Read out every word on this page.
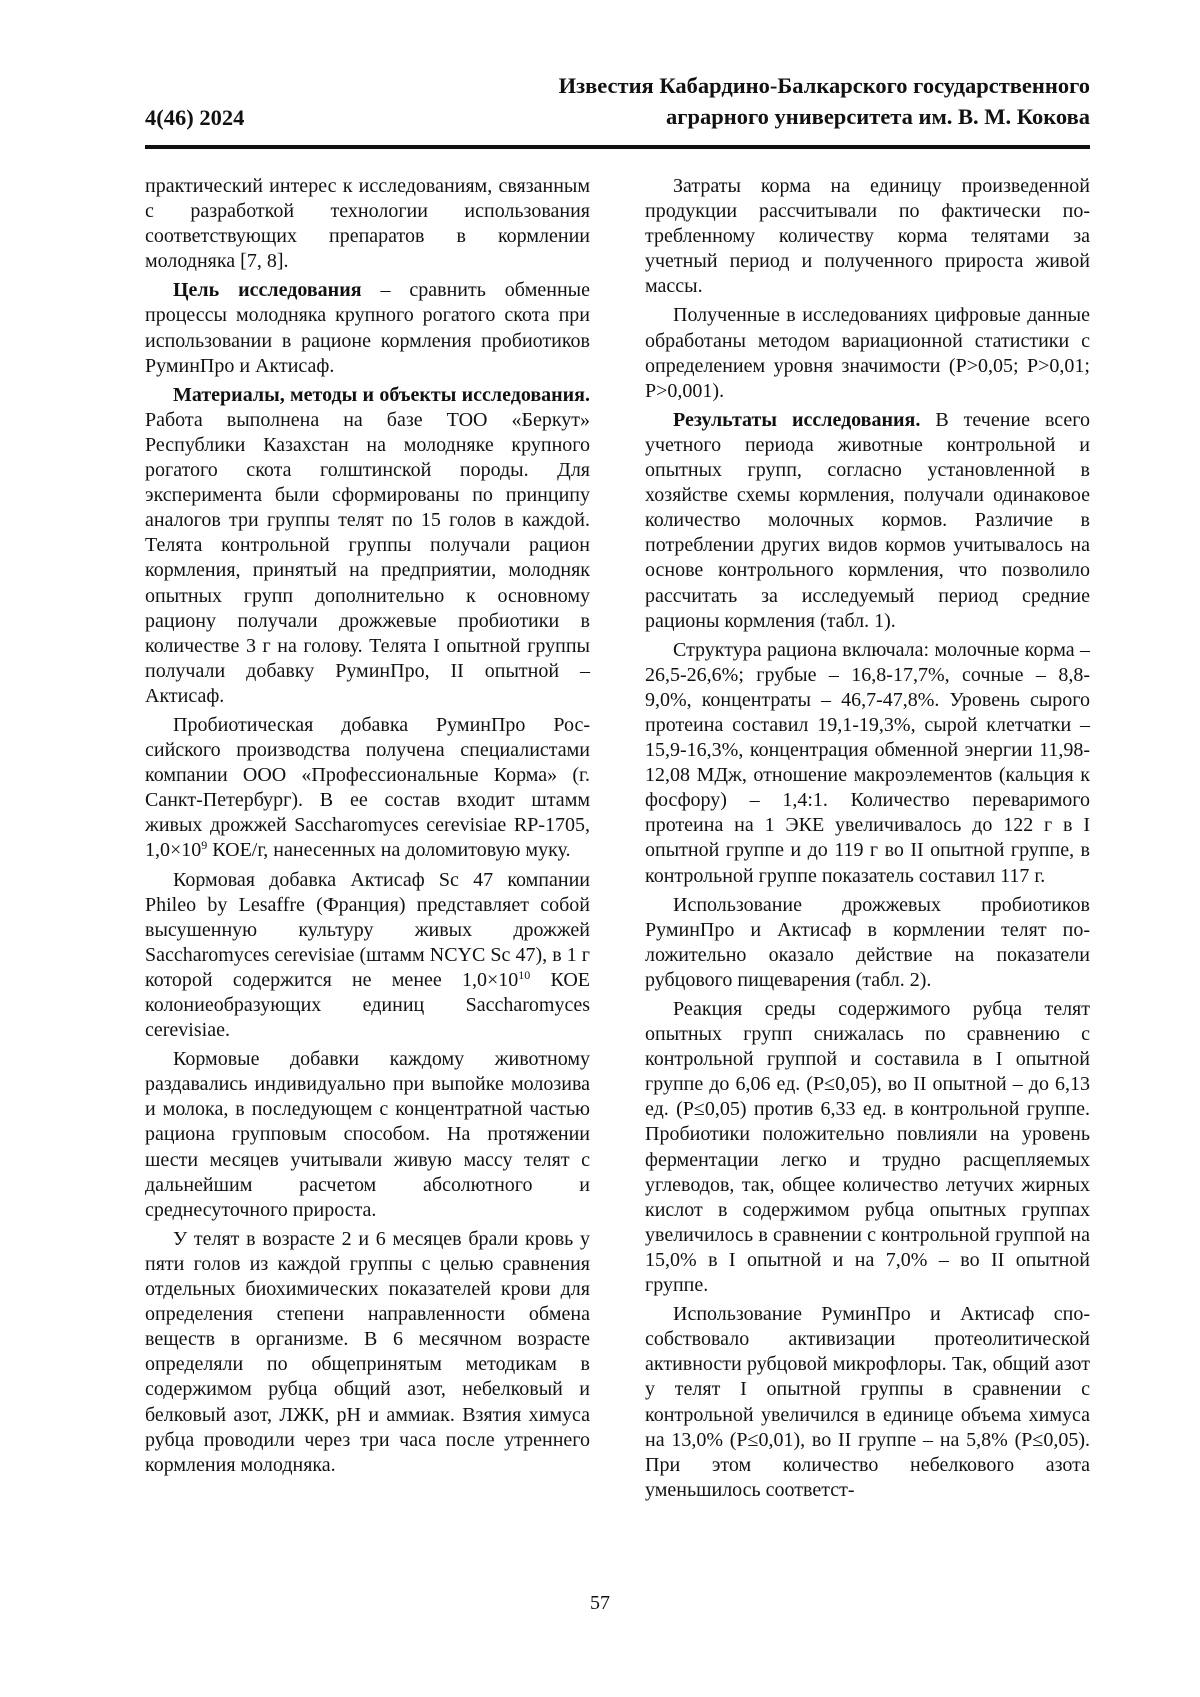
Известия Кабардино-Балкарского государственного
аграрного университета им. В. М. Кокова
4(46) 2024

практический интерес к исследованиям, связанным с разработкой технологии использования соответствующих препаратов в кормлении молодняка [7, 8].

Цель исследования – сравнить обменные процессы молодняка крупного рогатого скота при использовании в рационе кормления пробиотиков РуминПро и Актисаф.

Материалы, методы и объекты исследования. Работа выполнена на базе ТОО «Беркут» Республики Казахстан на молодняке крупного рогатого скота голштинской породы. Для эксперимента были сформированы по принципу аналогов три группы телят по 15 голов в каждой. Телята контрольной группы получали рацион кормления, принятый на предприятии, молодняк опытных групп дополнительно к основному рациону получали дрожжевые пробиотики в количестве 3 г на голову. Телята I опытной группы получали добавку РуминПро, II опытной – Актисаф.

Пробиотическая добавка РуминПро Российского производства получена специалистами компании ООО «Профессиональные Корма» (г. Санкт-Петербург). В ее состав входит штамм живых дрожжей Saccharomyces cerevisiae RP-1705, $1,0\times 10^9$ КОЕ/г, нанесенных на доломитовую муку.

Кормовая добавка Актисаф Sc 47 компании Phileo by Lesaffre (Франция) представляет собой высушенную культуру живых дрожжей Saccharomyces cerevisiae (штамм NCYC Sc 47), в 1 г которой содержится не менее $1,0\times 10^{10}$ КОЕ колониеобразующих единиц Saccharomyces cerevisiae.

Кормовые добавки каждому животному раздавались индивидуально при выпойке молозива и молока, в последующем с концентратной частью рациона групповым способом. На протяжении шести месяцев учитывали живую массу телят с дальнейшим расчетом абсолютного и среднесуточного прироста.

У телят в возрасте 2 и 6 месяцев брали кровь у пяти голов из каждой группы с целью сравнения отдельных биохимических показателей крови для определения степени направленности обмена веществ в организме. В 6 месячном возрасте определяли по общепринятым методикам в содержимом рубца общий азот, небелковый и белковый азот, ЛЖК, рН и аммиак. Взятия химуса рубца проводили через три часа после утреннего кормления молодняка.

Затраты корма на единицу произведенной продукции рассчитывали по фактически потребленному количеству корма телятами за учетный период и полученного прироста живой массы.

Полученные в исследованиях цифровые данные обработаны методом вариационной статистики с определением уровня значимости (Р>0,05; Р>0,01; Р>0,001).

Результаты исследования. В течение всего учетного периода животные контрольной и опытных групп, согласно установленной в хозяйстве схемы кормления, получали одинаковое количество молочных кормов. Различие в потреблении других видов кормов учитывалось на основе контрольного кормления, что позволило рассчитать за исследуемый период средние рационы кормления (табл. 1).

Структура рациона включала: молочные корма – 26,5-26,6%; грубые – 16,8-17,7%, сочные – 8,8-9,0%, концентраты – 46,7-47,8%. Уровень сырого протеина составил 19,1-19,3%, сырой клетчатки – 15,9-16,3%, концентрация обменной энергии 11,98-12,08 МДж, отношение макроэлементов (кальция к фосфору) – 1,4:1. Количество переваримого протеина на 1 ЭКЕ увеличивалось до 122 г в I опытной группе и до 119 г во II опытной группе, в контрольной группе показатель составил 117 г.

Использование дрожжевых пробиотиков РуминПро и Актисаф в кормлении телят положительно оказало действие на показатели рубцового пищеварения (табл. 2).

Реакция среды содержимого рубца телят опытных групп снижалась по сравнению с контрольной группой и составила в I опытной группе до 6,06 ед. (Р≤0,05), во II опытной – до 6,13 ед. (Р≤0,05) против 6,33 ед. в контрольной группе. Пробиотики положительно повлияли на уровень ферментации легко и трудно расщепляемых углеводов, так, общее количество летучих жирных кислот в содержимом рубца опытных группах увеличилось в сравнении с контрольной группой на 15,0% в I опытной и на 7,0% – во II опытной группе.

Использование РуминПро и Актисаф способствовало активизации протеолитической активности рубцовой микрофлоры. Так, общий азот у телят I опытной группы в сравнении с контрольной увеличился в единице объема химуса на 13,0% (Р≤0,01), во II группе – на 5,8% (Р≤0,05). При этом количество небелкового азота уменьшилось соответст-

57
